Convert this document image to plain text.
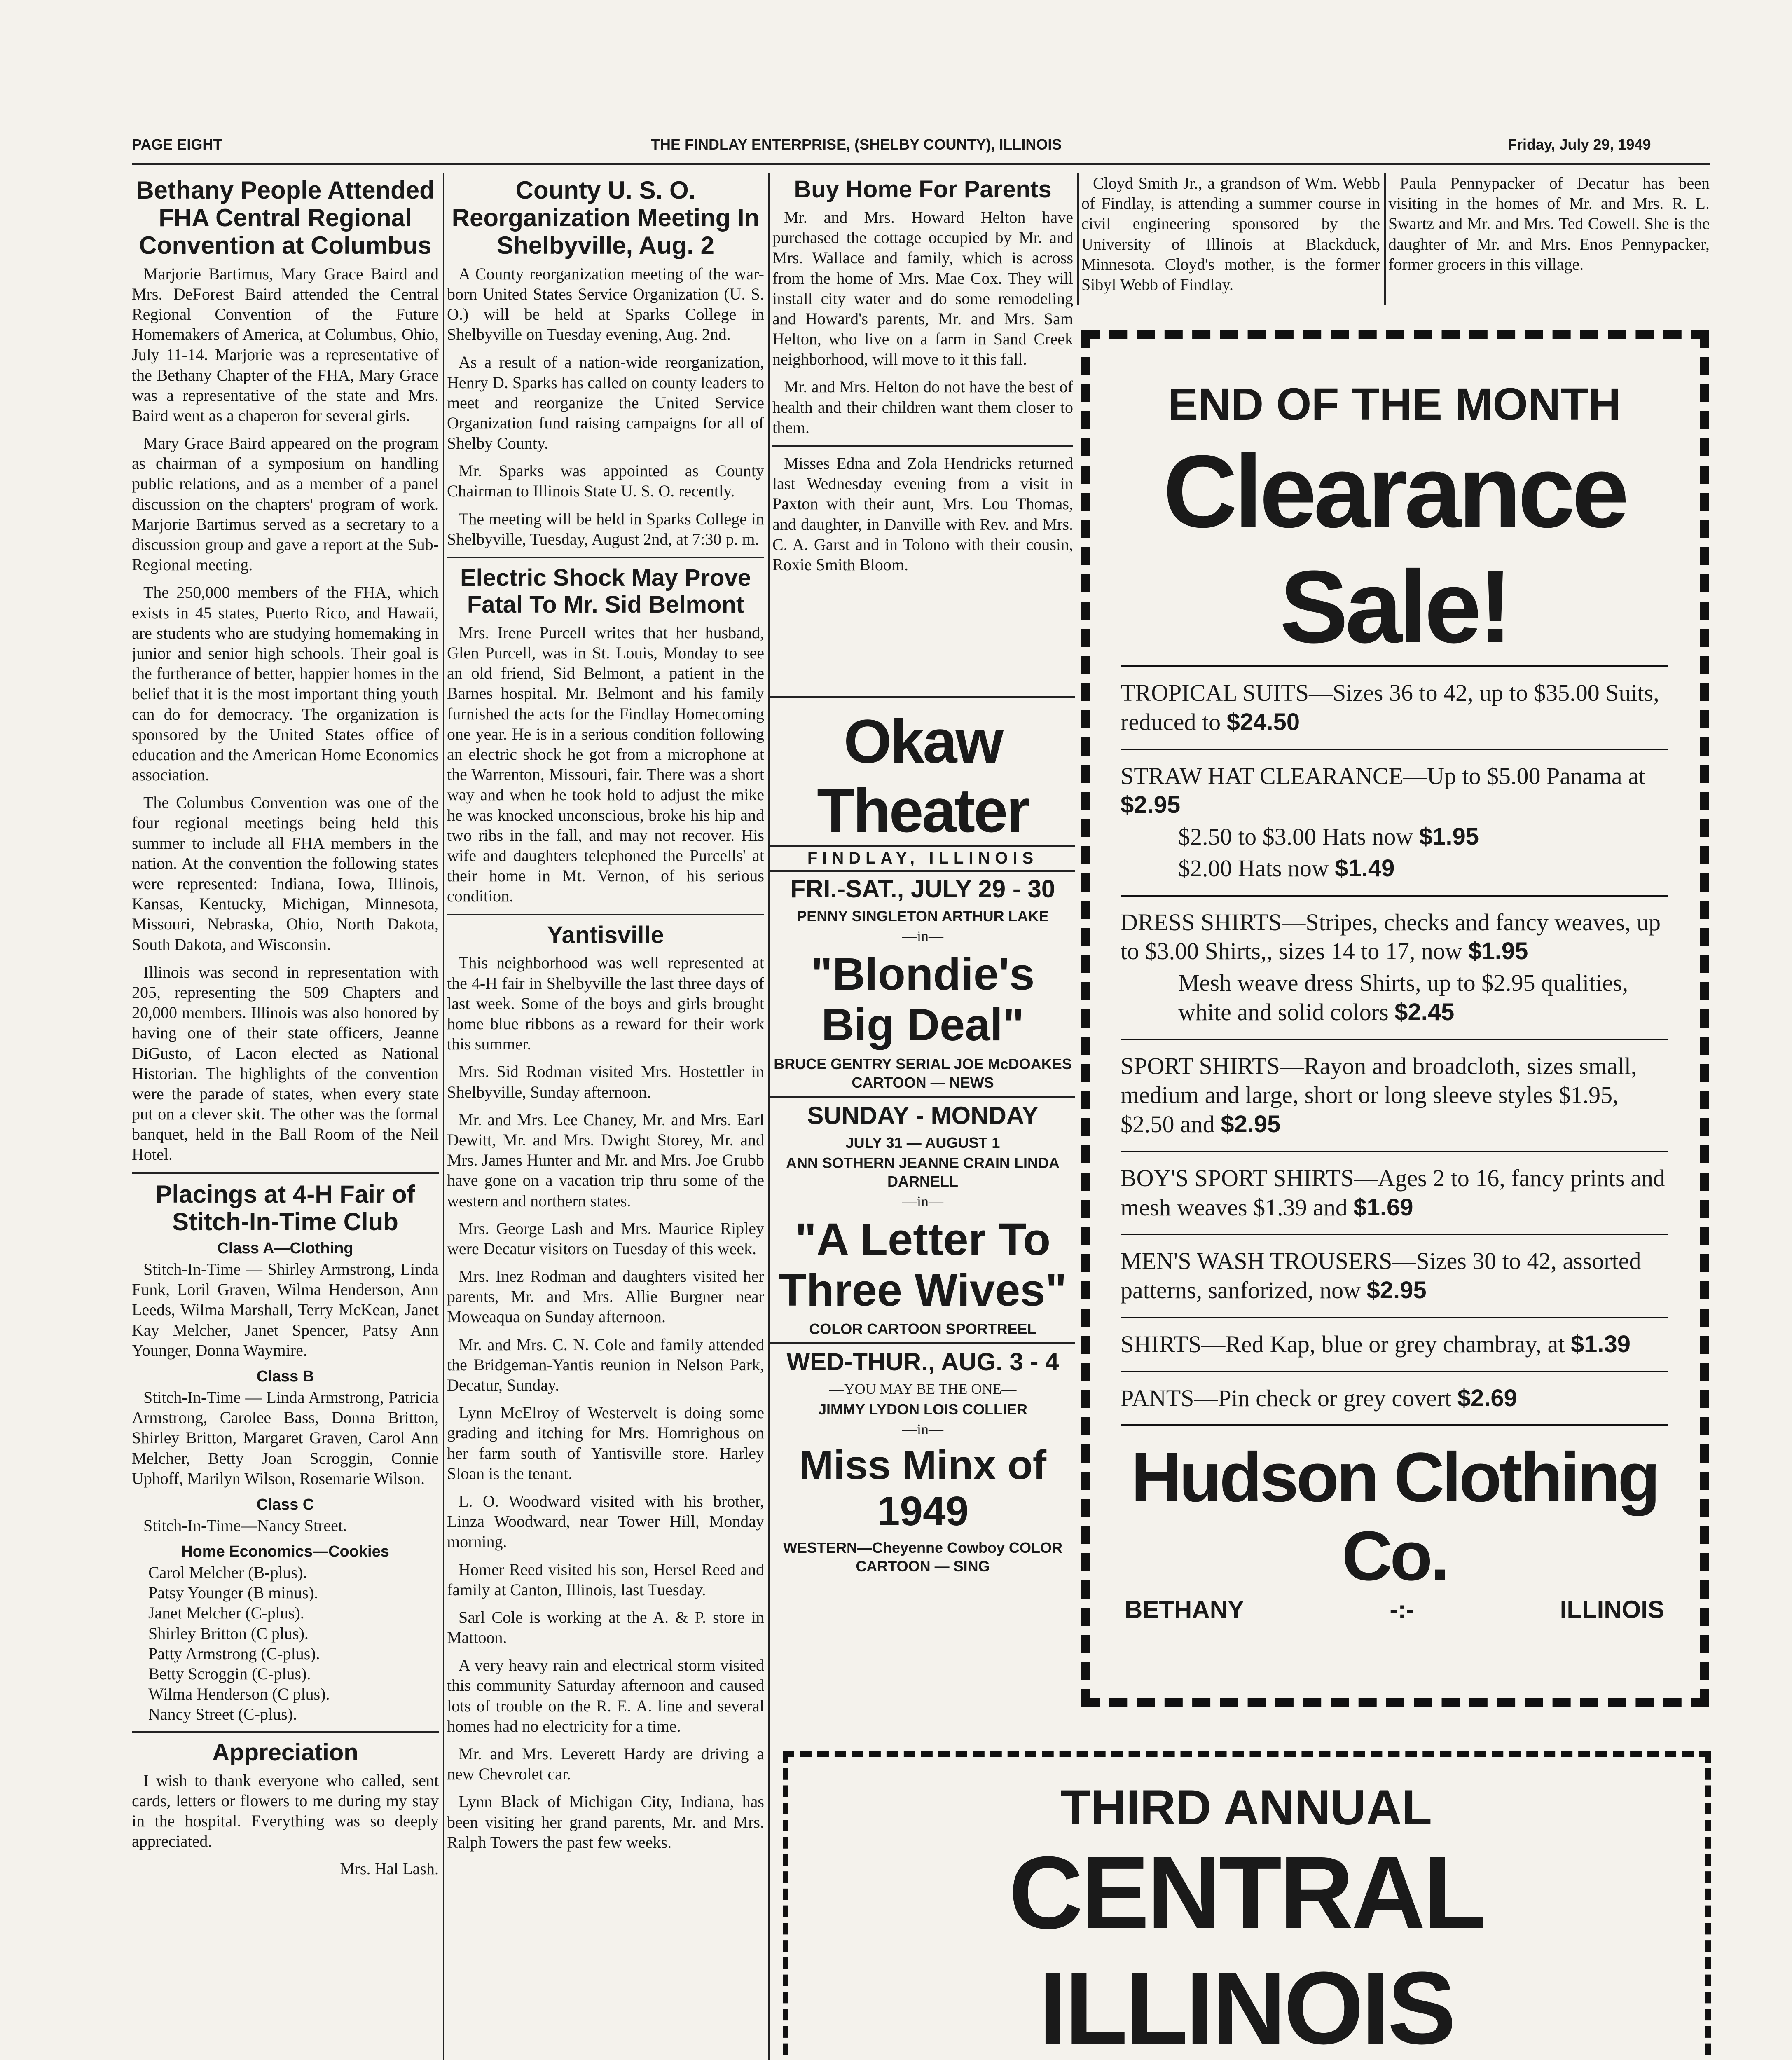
PAGE EIGHT	THE FINDLAY ENTERPRISE, (SHELBY COUNTY), ILLINOIS	Friday, July 29, 1949
Bethany People Attended FHA Central Regional Convention at Columbus

Marjorie Bartimus, Mary Grace Baird and Mrs. DeForest Baird attended the Central Regional Convention of the Future Homemakers of America, at Columbus, Ohio, July 11-14. Marjorie was a representative of the Bethany Chapter of the FHA, Mary Grace was a representative of the state and Mrs. Baird went as a chaperon for several girls.

Mary Grace Baird appeared on the program as chairman of a symposium on handling public relations, and as a member of a panel discussion on the chapters' program of work. Marjorie Bartimus served as a secretary to a discussion group and gave a report at the Sub-Regional meeting.

The 250,000 members of the FHA, which exists in 45 states, Puerto Rico, and Hawaii, are students who are studying homemaking in junior and senior high schools. Their goal is the furtherance of better, happier homes in the belief that it is the most important thing youth can do for democracy. The organization is sponsored by the United States office of education and the American Home Economics association.

The Columbus Convention was one of the four regional meetings being held this summer to include all FHA members in the nation. At the convention the following states were represented: Indiana, Iowa, Illinois, Kansas, Kentucky, Michigan, Minnesota, Missouri, Nebraska, Ohio, North Dakota, South Dakota, and Wisconsin.

Illinois was second in representation with 205, representing the 509 Chapters and 20,000 members. Illinois was also honored by having one of their state officers, Jeanne DiGusto, of Lacon elected as National Historian. The highlights of the convention were the parade of states, when every state put on a clever skit. The other was the formal banquet, held in the Ball Room of the Neil Hotel.

Placings at 4-H Fair of Stitch-In-Time Club
Class A—Clothing

Stitch-In-Time — Shirley Armstrong, Linda Funk, Loril Graven, Wilma Henderson, Ann Leeds, Wilma Marshall, Terry McKean, Janet Kay Melcher, Janet Spencer, Patsy Ann Younger, Donna Waymire.

Class B

Stitch-In-Time — Linda Armstrong, Patricia Armstrong, Carolee Bass, Donna Britton, Shirley Britton, Margaret Graven, Carol Ann Melcher, Betty Joan Scroggin, Connie Uphoff, Marilyn Wilson, Rosemarie Wilson.

Class C

Stitch-In-Time—Nancy Street.

Home Economics—Cookies
Carol Melcher (B-plus).
Patsy Younger (B minus).
Janet Melcher (C-plus).
Shirley Britton (C plus).
Patty Armstrong (C-plus).
Betty Scroggin (C-plus).
Wilma Henderson (C plus).
Nancy Street (C-plus).
Appreciation

I wish to thank everyone who called, sent cards, letters or flowers to me during my stay in the hospital. Everything was so deeply appreciated.

Mrs. Hal Lash.
County U. S. O. Reorganization Meeting In Shelbyville, Aug. 2

A County reorganization meeting of the war-born United States Service Organization (U. S. O.) will be held at Sparks College in Shelbyville on Tuesday evening, Aug. 2nd.

As a result of a nation-wide reorganization, Henry D. Sparks has called on county leaders to meet and reorganize the United Service Organization fund raising campaigns for all of Shelby County.

Mr. Sparks was appointed as County Chairman to Illinois State U. S. O. recently.

The meeting will be held in Sparks College in Shelbyville, Tuesday, August 2nd, at 7:30 p. m.

Electric Shock May Prove Fatal To Mr. Sid Belmont

Mrs. Irene Purcell writes that her husband, Glen Purcell, was in St. Louis, Monday to see an old friend, Sid Belmont, a patient in the Barnes hospital. Mr. Belmont and his family furnished the acts for the Findlay Homecoming one year. He is in a serious condition following an electric shock he got from a microphone at the Warrenton, Missouri, fair. There was a short way and when he took hold to adjust the mike he was knocked unconscious, broke his hip and two ribs in the fall, and may not recover. His wife and daughters telephoned the Purcells' at their home in Mt. Vernon, of his serious condition.

Yantisville

This neighborhood was well represented at the 4-H fair in Shelbyville the last three days of last week. Some of the boys and girls brought home blue ribbons as a reward for their work this summer.

Mrs. Sid Rodman visited Mrs. Hostettler in Shelbyville, Sunday afternoon.

Mr. and Mrs. Lee Chaney, Mr. and Mrs. Earl Dewitt, Mr. and Mrs. Dwight Storey, Mr. and Mrs. James Hunter and Mr. and Mrs. Joe Grubb have gone on a vacation trip thru some of the western and northern states.

Mrs. George Lash and Mrs. Maurice Ripley were Decatur visitors on Tuesday of this week.

Mrs. Inez Rodman and daughters visited her parents, Mr. and Mrs. Allie Burgner near Moweaqua on Sunday afternoon.

Mr. and Mrs. C. N. Cole and family attended the Bridgeman-Yantis reunion in Nelson Park, Decatur, Sunday.

Lynn McElroy of Westervelt is doing some grading and itching for Mrs. Homrighous on her farm south of Yantisville store. Harley Sloan is the tenant.

L. O. Woodward visited with his brother, Linza Woodward, near Tower Hill, Monday morning.

Homer Reed visited his son, Hersel Reed and family at Canton, Illinois, last Tuesday.

Sarl Cole is working at the A. & P. store in Mattoon.

A very heavy rain and electrical storm visited this community Saturday afternoon and caused lots of trouble on the R. E. A. line and several homes had no electricity for a time.

Mr. and Mrs. Leverett Hardy are driving a new Chevrolet car.

Lynn Black of Michigan City, Indiana, has been visiting her grand parents, Mr. and Mrs. Ralph Towers the past few weeks.

Buy Home For Parents

Mr. and Mrs. Howard Helton have purchased the cottage occupied by Mr. and Mrs. Wallace and family, which is across from the home of Mrs. Mae Cox. They will install city water and do some remodeling and Howard's parents, Mr. and Mrs. Sam Helton, who live on a farm in Sand Creek neighborhood, will move to it this fall.

Mr. and Mrs. Helton do not have the best of health and their children want them closer to them.

Misses Edna and Zola Hendricks returned last Wednesday evening from a visit in Paxton with their aunt, Mrs. Lou Thomas, and daughter, in Danville with Rev. and Mrs. C. A. Garst and in Tolono with their cousin, Roxie Smith Bloom.

Okaw Theater
FINDLAY, ILLINOIS
FRI.-SAT., JULY 29 - 30
PENNY SINGLETON ARTHUR LAKE
—in—
"Blondie's Big Deal"
BRUCE GENTRY SERIAL JOE McDOAKES CARTOON — NEWS
SUNDAY - MONDAY
JULY 31 — AUGUST 1
ANN SOTHERN JEANNE CRAIN LINDA DARNELL
—in—
"A Letter To Three Wives"
COLOR CARTOON SPORTREEL
WED-THUR., AUG. 3 - 4
—YOU MAY BE THE ONE—
JIMMY LYDON LOIS COLLIER
—in—
Miss Minx of 1949
WESTERN—Cheyenne Cowboy COLOR CARTOON — SING

Cloyd Smith Jr., a grandson of Wm. Webb of Findlay, is attending a summer course in civil engineering sponsored by the University of Illinois at Blackduck, Minnesota. Cloyd's mother, is the former Sibyl Webb of Findlay.

Paula Pennypacker of Decatur has been visiting in the homes of Mr. and Mrs. R. L. Swartz and Mr. and Mrs. Ted Cowell. She is the daughter of Mr. and Mrs. Enos Pennypacker, former grocers in this village.

END OF THE MONTH
Clearance Sale!
TROPICAL SUITS—Sizes 36 to 42, up to $35.00 Suits, reduced to $24.50
STRAW HAT CLEARANCE—Up to $5.00 Panama at $2.95
$2.50 to $3.00 Hats now $1.95
$2.00 Hats now $1.49
DRESS SHIRTS—Stripes, checks and fancy weaves, up to $3.00 Shirts,, sizes 14 to 17, now $1.95
Mesh weave dress Shirts, up to $2.95 qualities, white and solid colors $2.45
SPORT SHIRTS—Rayon and broadcloth, sizes small, medium and large, short or long sleeve styles $1.95, $2.50 and $2.95
BOY'S SPORT SHIRTS—Ages 2 to 16, fancy prints and mesh weaves $1.39 and $1.69
MEN'S WASH TROUSERS—Sizes 30 to 42, assorted patterns, sanforized, now $2.95
SHIRTS—Red Kap, blue or grey chambray, at $1.39
PANTS—Pin check or grey covert $2.69
Hudson Clothing Co.
BETHANY	-:-	ILLINOIS
THIRD ANNUAL
CENTRAL ILLINOIS
